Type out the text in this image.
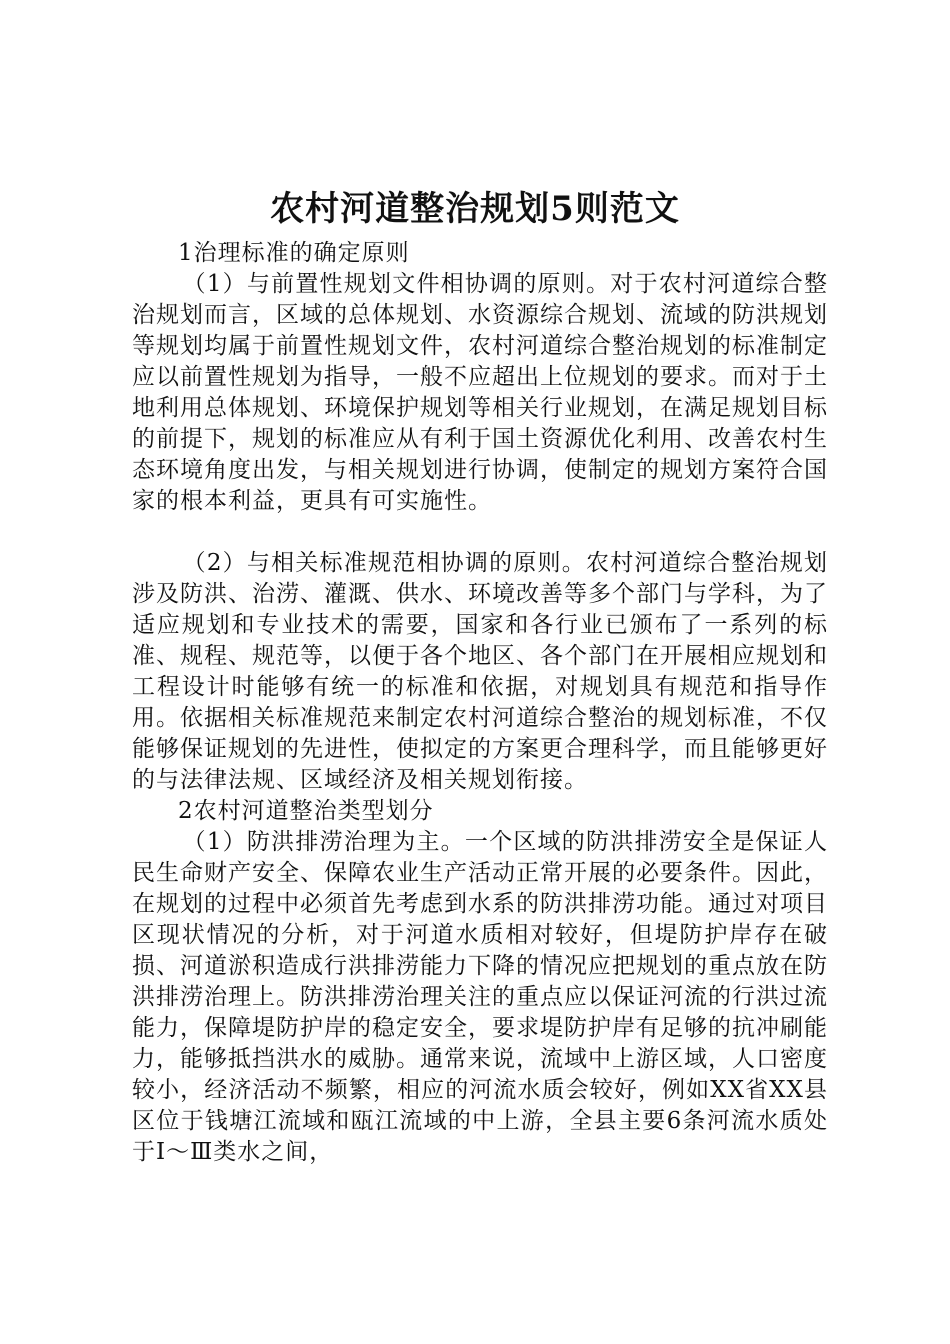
农村河道整治规划5则范文

1治理标准的确定原则

（1）与前置性规划文件相协调的原则。对于农村河道综合整治规划而言，区域的总体规划、水资源综合规划、流域的防洪规划等规划均属于前置性规划文件，农村河道综合整治规划的标准制定应以前置性规划为指导，一般不应超出上位规划的要求。而对于土地利用总体规划、环境保护规划等相关行业规划，在满足规划目标的前提下，规划的标准应从有利于国土资源优化利用、改善农村生态环境角度出发，与相关规划进行协调，使制定的规划方案符合国家的根本利益，更具有可实施性。

（2）与相关标准规范相协调的原则。农村河道综合整治规划涉及防洪、治涝、灌溉、供水、环境改善等多个部门与学科，为了适应规划和专业技术的需要，国家和各行业已颁布了一系列的标准、规程、规范等，以便于各个地区、各个部门在开展相应规划和工程设计时能够有统一的标准和依据，对规划具有规范和指导作用。依据相关标准规范来制定农村河道综合整治的规划标准，不仅能够保证规划的先进性，使拟定的方案更合理科学，而且能够更好的与法律法规、区域经济及相关规划衔接。

2农村河道整治类型划分

（1）防洪排涝治理为主。一个区域的防洪排涝安全是保证人民生命财产安全、保障农业生产活动正常开展的必要条件。因此，在规划的过程中必须首先考虑到水系的防洪排涝功能。通过对项目区现状情况的分析，对于河道水质相对较好，但堤防护岸存在破损、河道淤积造成行洪排涝能力下降的情况应把规划的重点放在防洪排涝治理上。防洪排涝治理关注的重点应以保证河流的行洪过流能力，保障堤防护岸的稳定安全，要求堤防护岸有足够的抗冲刷能力，能够抵挡洪水的威胁。通常来说，流域中上游区域，人口密度较小，经济活动不频繁，相应的河流水质会较好，例如XX省XX县区位于钱塘江流域和瓯江流域的中上游，全县主要6条河流水质处于Ⅰ～Ⅲ类水之间，
